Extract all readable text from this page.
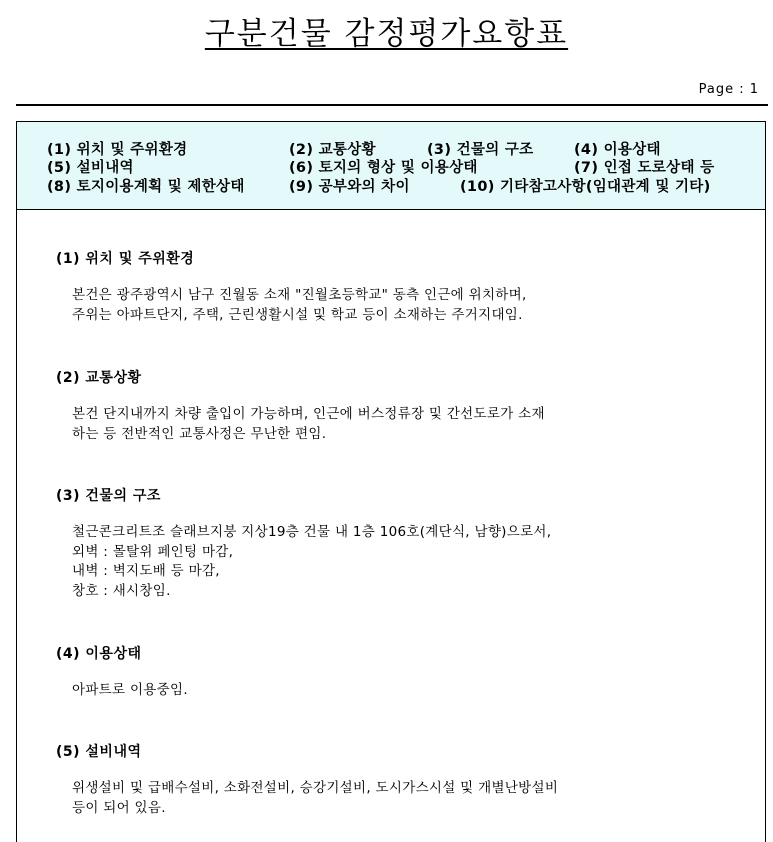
구분건물 감정평가요항표
Page : 1
(1) 위치 및 주위환경	(2) 교통상황	(3) 건물의 구조	(4) 이용상태
(5) 설비내역	(6) 토지의 형상 및 이용상태	(7) 인접 도로상태 등
(8) 토지이용계획 및 제한상태	(9) 공부와의 차이	(10) 기타참고사항(임대관계 및 기타)
(1) 위치 및 주위환경
본건은 광주광역시 남구 진월동 소재 "진월초등학교" 동측 인근에 위치하며,
주위는 아파트단지, 주택, 근린생활시설 및 학교 등이 소재하는 주거지대임.
(2) 교통상황
본건 단지내까지 차량 출입이 가능하며, 인근에 버스정류장 및 간선도로가 소재
하는 등 전반적인 교통사정은 무난한 편임.
(3) 건물의 구조
철근콘크리트조 슬래브지붕 지상19층 건물 내 1층 106호(계단식, 남향)으로서,
외벽 : 몰탈위 페인팅 마감,
내벽 : 벽지도배 등 마감,
창호 : 새시창임.
(4) 이용상태
아파트로 이용중임.
(5) 설비내역
위생설비 및 급배수설비, 소화전설비, 승강기설비, 도시가스시설 및 개별난방설비
등이 되어 있음.
